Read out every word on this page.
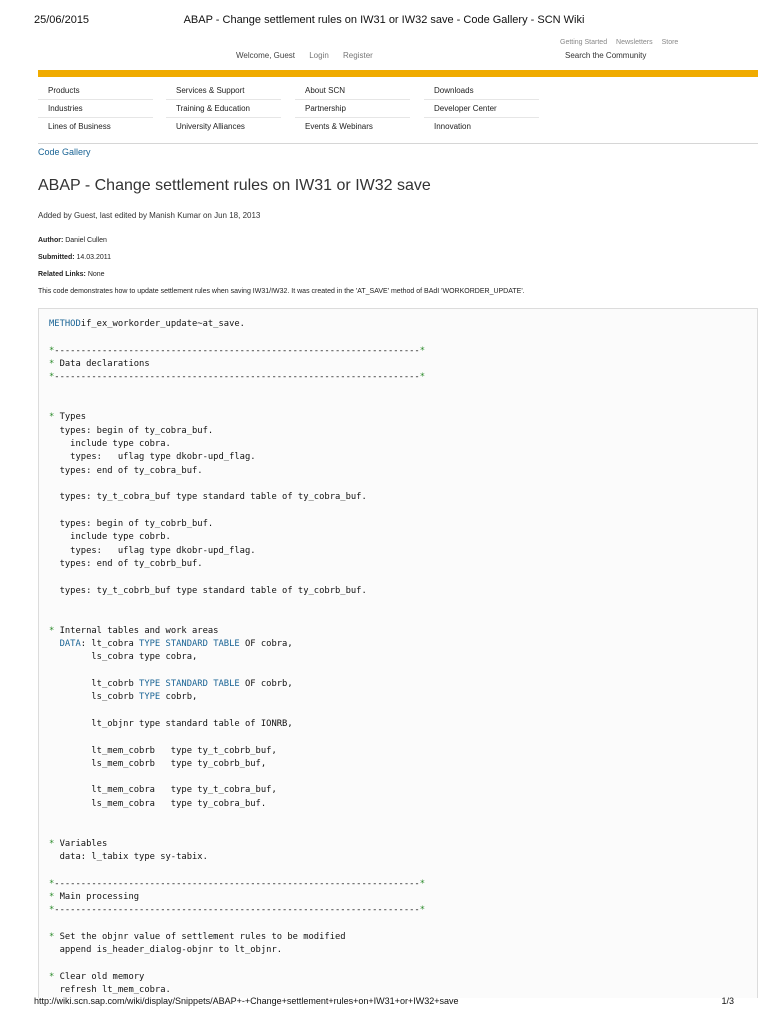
25/06/2015	ABAP - Change settlement rules on IW31 or IW32 save - Code Gallery - SCN Wiki
Getting Started Newsletters Store
Welcome, Guest Login Register	Search the Community
Products
Industries
Lines of Business
Services & Support
Training & Education
University Alliances
About SCN
Partnership
Events & Webinars
Downloads
Developer Center
Innovation
Code Gallery
ABAP - Change settlement rules on IW31 or IW32 save
Added by Guest, last edited by Manish Kumar on Jun 18, 2013
Author: Daniel Cullen
Submitted: 14.03.2011
Related Links: None
This code demonstrates how to update settlement rules when saving IW31/IW32. It was created in the 'AT_SAVE' method of BAdI 'WORKORDER_UPDATE'.
METHODif_ex_workorder_update~at_save.

*---------------------------------------------------------------------*
* Data declarations
*---------------------------------------------------------------------*

* Types
types: begin of ty_cobra_buf.
include type cobra.
types:   uflag type dkobr-upd_flag.
types: end of ty_cobra_buf.

types: ty_t_cobra_buf type standard table of ty_cobra_buf.

types: begin of ty_cobrb_buf.
include type cobrb.
types:   uflag type dkobr-upd_flag.
types: end of ty_cobrb_buf.

types: ty_t_cobrb_buf type standard table of ty_cobrb_buf.

* Internal tables and work areas
DATA: lt_cobra TYPE STANDARD TABLE OF cobra,
ls_cobra type cobra,

lt_cobrb TYPE STANDARD TABLE OF cobrb,
ls_cobrb TYPE cobrb,

lt_objnr type standard table of IONRB,

lt_mem_cobrb   type ty_t_cobrb_buf,
ls_mem_cobrb   type ty_cobrb_buf,

lt_mem_cobra   type ty_t_cobra_buf,
ls_mem_cobra   type ty_cobra_buf.

* Variables
data: l_tabix type sy-tabix.

*---------------------------------------------------------------------*
* Main processing
*---------------------------------------------------------------------*

* Set the objnr value of settlement rules to be modified
append is_header_dialog-objnr to lt_objnr.

* Clear old memory
refresh lt_mem_cobra.
http://wiki.scn.sap.com/wiki/display/Snippets/ABAP+-+Change+settlement+rules+on+IW31+or+IW32+save	1/3
